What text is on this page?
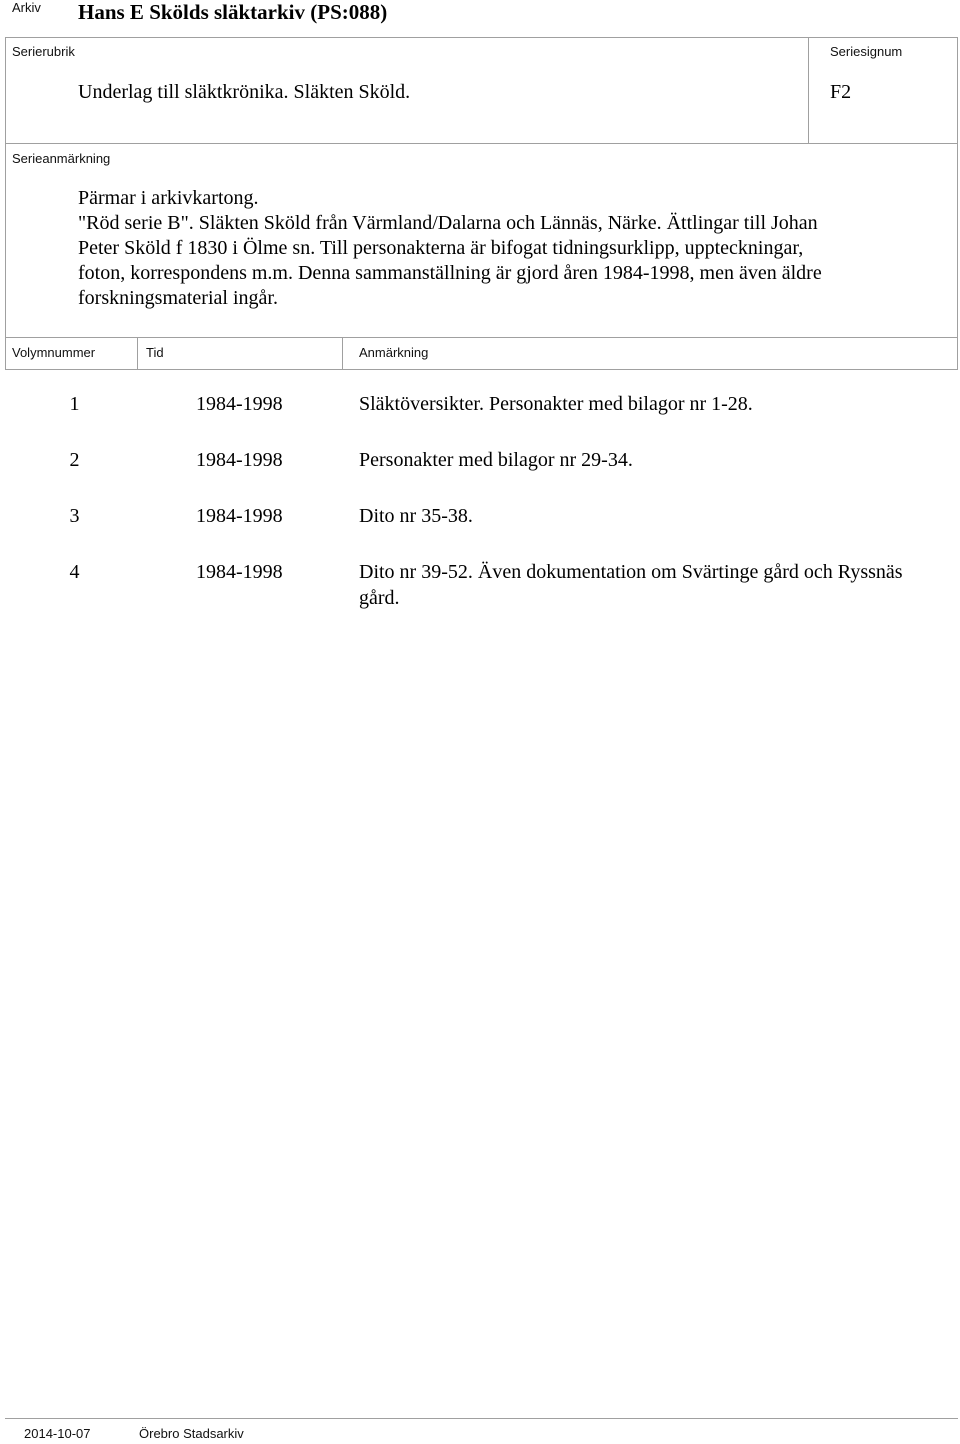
Arkiv Hans E Skölds släktarkiv (PS:088)
Serierubrik
Underlag till släktkrönika. Släkten Sköld.
Seriesignum
F2
Serieanmärkning
Pärmar i arkivkartong.
"Röd serie B". Släkten Sköld från Värmland/Dalarna och Lännäs, Närke. Ättlingar till Johan
Peter Sköld f 1830 i Ölme sn. Till personakterna är bifogat tidningsurklipp, uppteckningar,
foton, korrespondens m.m. Denna sammanställning är gjord åren 1984-1998, men även äldre
forskningsmaterial ingår.
Volymnummer	Tid	Anmärkning
1	1984-1998	Släktöversikter. Personakter med bilagor nr 1-28.
2	1984-1998	Personakter med bilagor nr 29-34.
3	1984-1998	Dito nr 35-38.
4	1984-1998	Dito nr 39-52. Även dokumentation om Svärtinge gård och Ryssnäs gård.
2014-10-07	Örebro Stadsarkiv
